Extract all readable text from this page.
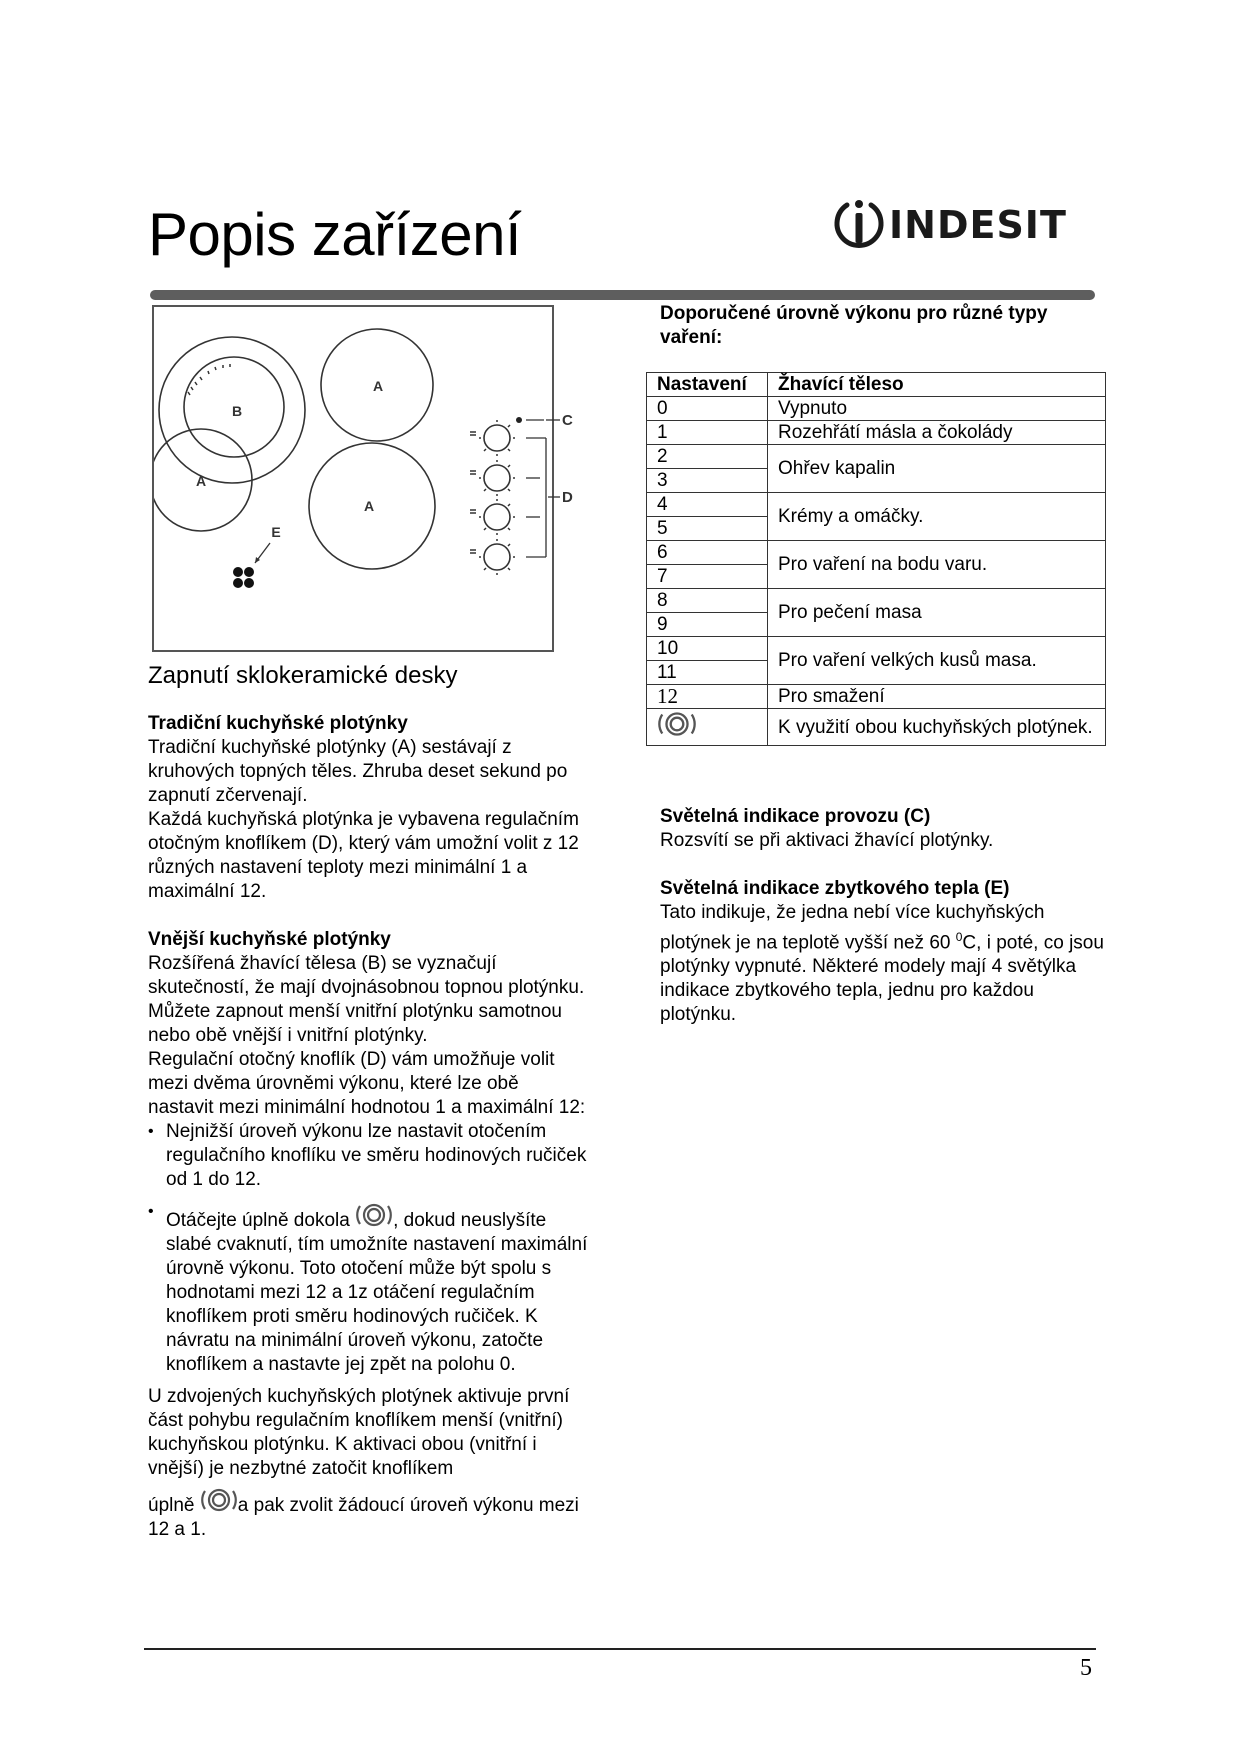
Popis zařízení	INDESIT
B
A
A
A
E
C
D
Zapnutí sklokeramické desky
Tradiční kuchyňské plotýnky
Tradiční kuchyňské plotýnky (A) sestávají z kruhových topných těles. Zhruba deset sekund po zapnutí zčervenají.
Každá kuchyňská plotýnka je vybavena regulačním otočným knoflíkem (D), který vám umožní volit z 12 různých nastavení teploty mezi minimální 1 a maximální 12.
Vnější kuchyňské plotýnky
Rozšířená žhavící tělesa (B) se vyznačují skutečností, že mají dvojnásobnou topnou plotýnku. Můžete zapnout menší vnitřní plotýnku samotnou nebo obě vnější i vnitřní plotýnky.
Regulační otočný knoflík (D) vám umožňuje volit mezi dvěma úrovněmi výkonu, které lze obě nastavit mezi minimální hodnotou 1 a maximální 12:
• Nejnižší úroveň výkonu lze nastavit otočením regulačního knoflíku ve směru hodinových ručiček od 1 do 12.
• Otáčejte úplně dokola , dokud neuslyšíte slabé cvaknutí, tím umožníte nastavení maximální úrovně výkonu. Toto otočení může být spolu s hodnotami mezi 12 a 1z otáčení regulačním knoflíkem proti směru hodinových ručiček. K návratu na minimální úroveň výkonu, zatočte knoflíkem a nastavte jej zpět na polohu 0.
U zdvojených kuchyňských plotýnek aktivuje první část pohybu regulačním knoflíkem menší (vnitřní) kuchyňskou plotýnku. K aktivaci obou (vnitřní i vnější) je nezbytné zatočit knoflíkem
úplně a pak zvolit žádoucí úroveň výkonu mezi 12 a 1.
Doporučené úrovně výkonu pro různé typy vaření:
Nastavení	Žhavící těleso
0	Vypnuto
1	Rozehřátí másla a čokolády
2	Ohřev kapalin
3	
4	Krémy a omáčky.
5	
6	Pro vaření na bodu varu.
7	
8	Pro pečení masa
9	
10	Pro vaření velkých kusů masa.
11	
12	Pro smažení
	K využití obou kuchyňských plotýnek.
Světelná indikace provozu (C)
Rozsvítí se při aktivaci žhavící plotýnky.
Světelná indikace zbytkového tepla (E)
Tato indikuje, že jedna nebí více kuchyňských plotýnek je na teplotě vyšší než 60 $^0$C, i poté, co jsou plotýnky vypnuté. Některé modely mají 4 světýlka indikace zbytkového tepla, jednu pro každou plotýnku.
5
